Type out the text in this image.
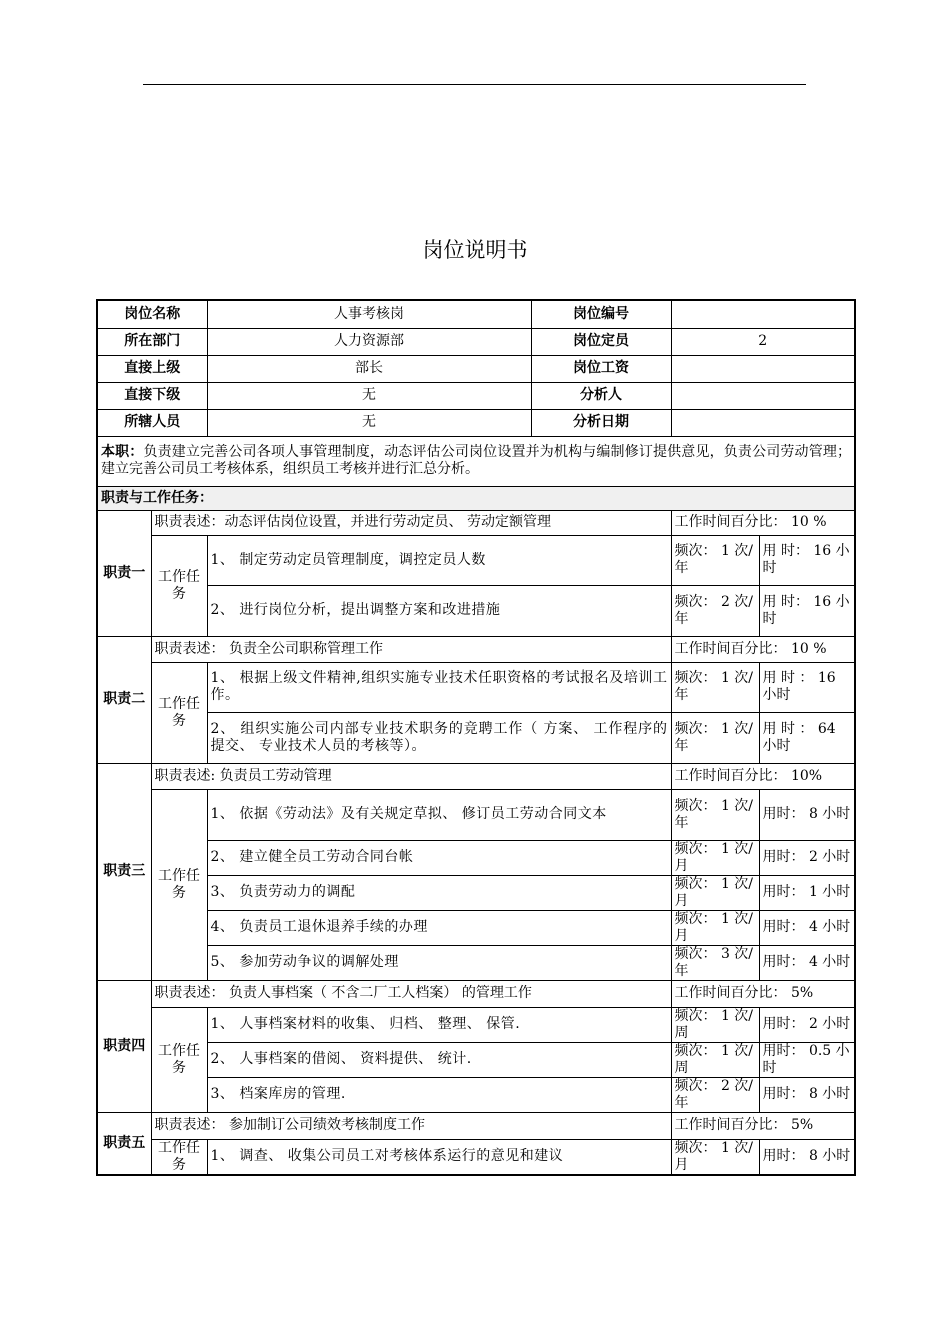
岗位说明书
岗位名称		人事考核岗	岗位编号		
所在部门		人力资源部	岗位定员	2	
直接上级		部长	岗位工资		
直接下级		无	分析人		
所辖人员		无	分析日期		
本职：负责建立完善公司各项人事管理制度，动态评估公司岗位设置并为机构与编制修订提供意见，负责公司劳动管理；建立完善公司员工考核体系，组织员工考核并进行汇总分析。					
职责与工作任务：					

职责一	职责表述：动态评估岗位设置，并进行劳动定员、 劳动定额管理			工作时间百分比： 10 %	

	工作任务	1、 制定劳动定员管理制度，调控定员人数		频次： 1 次/年	用 时： 16 小时
		2、 进行岗位分析，提出调整方案和改进措施		频次： 2 次/年	用 时： 16 小时

职责二	职责表述： 负责全公司职称管理工作			工作时间百分比： 10 %	

	工作任务	1、 根据上级文件精神,组织实施专业技术任职资格的考试报名及培训工作。		频次： 1 次/年	用 时 ： 16 小时
		2、 组织实施公司内部专业技术职务的竞聘工作（ 方案、 工作程序的提交、 专业技术人员的考核等）。		频次： 1 次/年	用 时 ： 64 小时

职责三	职责表述: 负责员工劳动管理			工作时间百分比： 10%	

	工作任务	1、 依据《劳动法》及有关规定草拟、 修订员工劳动合同文本		频次： 1 次/年	用时： 8 小时
		2、 建立健全员工劳动合同台帐		频次： 1 次/月	用时： 2 小时
		3、 负责劳动力的调配		频次： 1 次/月	用时： 1 小时
		4、 负责员工退休退养手续的办理		频次： 1 次/月	用时： 4 小时
		5、 参加劳动争议的调解处理		频次： 3 次/年	用时： 4 小时

职责四	职责表述： 负责人事档案（ 不含二厂工人档案） 的管理工作			工作时间百分比： 5%	

	工作任务	1、 人事档案材料的收集、 归档、 整理、 保管.		频次： 1 次/周	用时： 2 小时
		2、 人事档案的借阅、 资料提供、 统计.		频次： 1 次/周	用时： 0.5 小时
		3、 档案库房的管理.		频次： 2 次/年	用时： 8 小时

职责五	职责表述： 参加制订公司绩效考核制度工作			工作时间百分比： 5%	

	工作任务	1、 调查、 收集公司员工对考核体系运行的意见和建议		频次： 1 次/月	用时： 8 小时
